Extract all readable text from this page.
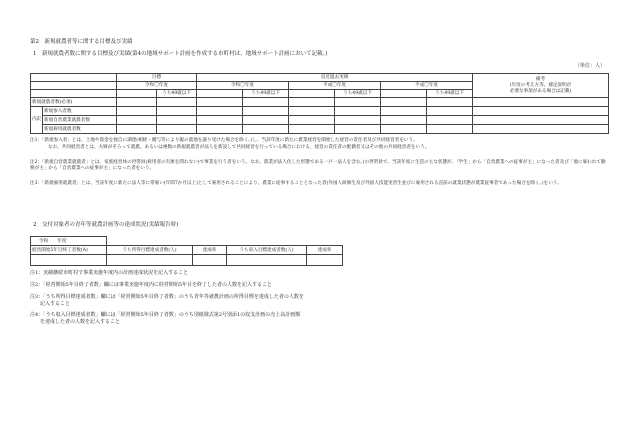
第2　新規就農者等に関する目標及び実績
1　新規就農者数に関する目標及び実績(第4の地域サポート計画を作成する市町村は、地域サポート計画において記載。)
（単位：人）
		目標		直近過去実績						備考
(年度の考え方等、補足説明が
必要な事項がある場合は記載)

		令和〇年度		令和〇年度		平成〇年度		平成〇年度		
			うち49歳以下		うち49歳以下		うち49歳以下		うち49歳以下	
新規就農者数(必須)										
内訳	新規参入者数									
	新規自営農業就農者数									
	新規雇用就農者数									
注1：「新規参入者」とは、土地や資金を独自に調達(相続・贈与等により親の農地を譲り受けた場合を除く。)し、当該年度に新たに農業経営を開始した経営の責任者及び共同経営者をいう。
なお、共同経営者とは、夫婦がそろって就農、あるいは複数の新規就農者が法人を新設して共同経営を行っている場合における、経営の責任者の配偶者又はその他の共同経営者をいう。
注2：「新規自営農業就農者」とは、家族経営体の世帯員(雇用者の有無を問わない)で事業を行う者をいう。なお、農業が法人化した形態である一戸一法人を含む。)の世帯員で、当該年度に生活の主な状態が、「学生」から「自営農業への従事が主」になった者及び「他に雇われて勤務が主」から「自営農業への従事が主」になった者をいう。
注3：「新規雇用就農者」とは、当該年度に新たに法人等に常雇い(年間7か月以上)として雇用されることにより、農業に従事することとなった者(外国人研修生及び外国人技能実習生並びに雇用される直前の就業状態が農業従事者であった場合を除く。)をいう。
2　交付対象者の青年等就農計画等の達成状況(実績報告時)
令和　　年度				
経営開始5年目終了者数(A)	うち所得目標達成者数(人)	達成率	うち収入目標達成者数(人)	達成率

注1：実績継続市町村で事業実施年度内の計画達成状況を記入すること
注2：「経営開始5年目終了者数」欄には事業実施年度内に経営開始5年目を終了した者の人数を記入すること
注3：「うち所得目標達成者数」欄には「経営開始5年目終了者数」のうち青年等就農計画の所得目標を達成した者の人数を
　　記入すること
注4：「うち収入目標達成者数」欄には「経営開始5年目終了者数」のうち別紙様式第2号別添1の収支計画の売上高計画額
　　を達成した者の人数を記入すること
